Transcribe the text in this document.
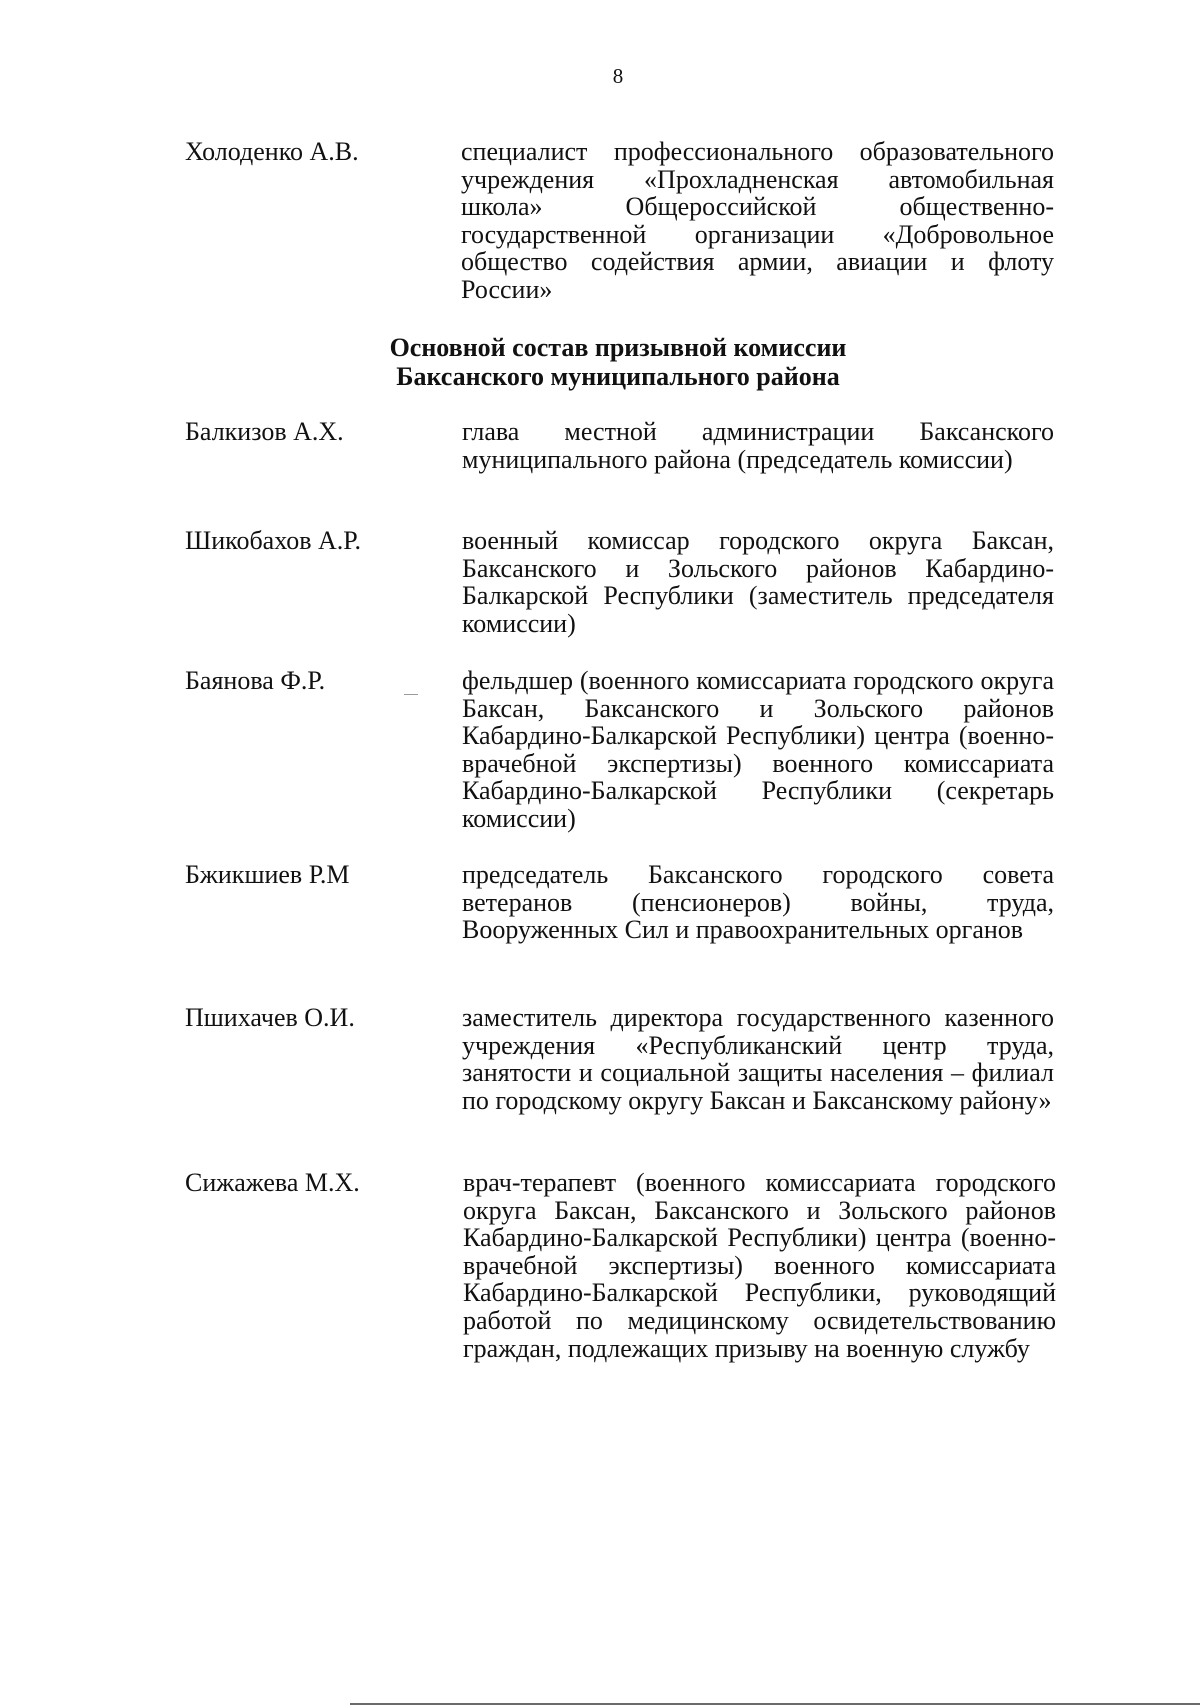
8
Холоденко А.В.	специалист профессионального образовательного учреждения «Прохладненская автомобильная школа» Общероссийской общественно-государственной организации «Добровольное общество содействия армии, авиации и флоту России»
Основной состав призывной комиссии
Баксанского муниципального района
Балкизов А.Х.	глава местной администрации Баксанского муниципального района (председатель комиссии)
Шикобахов А.Р.	военный комиссар городского округа Баксан, Баксанского и Зольского районов Кабардино-Балкарской Республики (заместитель председателя комиссии)
Баянова Ф.Р.	фельдшер (военного комиссариата городского округа Баксан, Баксанского и Зольского районов Кабардино-Балкарской Республики) центра (военно-врачебной экспертизы) военного комиссариата Кабардино-Балкарской Республики (секретарь комиссии)
Бжикшиев Р.М	председатель Баксанского городского совета ветеранов (пенсионеров) войны, труда, Вооруженных Сил и правоохранительных органов
Пшихачев О.И.	заместитель директора государственного казенного учреждения «Республиканский центр труда, занятости и социальной защиты населения – филиал по городскому округу Баксан и Баксанскому району»
Сижажева М.Х.	врач-терапевт (военного комиссариата городского округа Баксан, Баксанского и Зольского районов Кабардино-Балкарской Республики) центра (военно-врачебной экспертизы) военного комиссариата Кабардино-Балкарской Республики, руководящий работой по медицинскому освидетельствованию граждан, подлежащих призыву на военную службу
